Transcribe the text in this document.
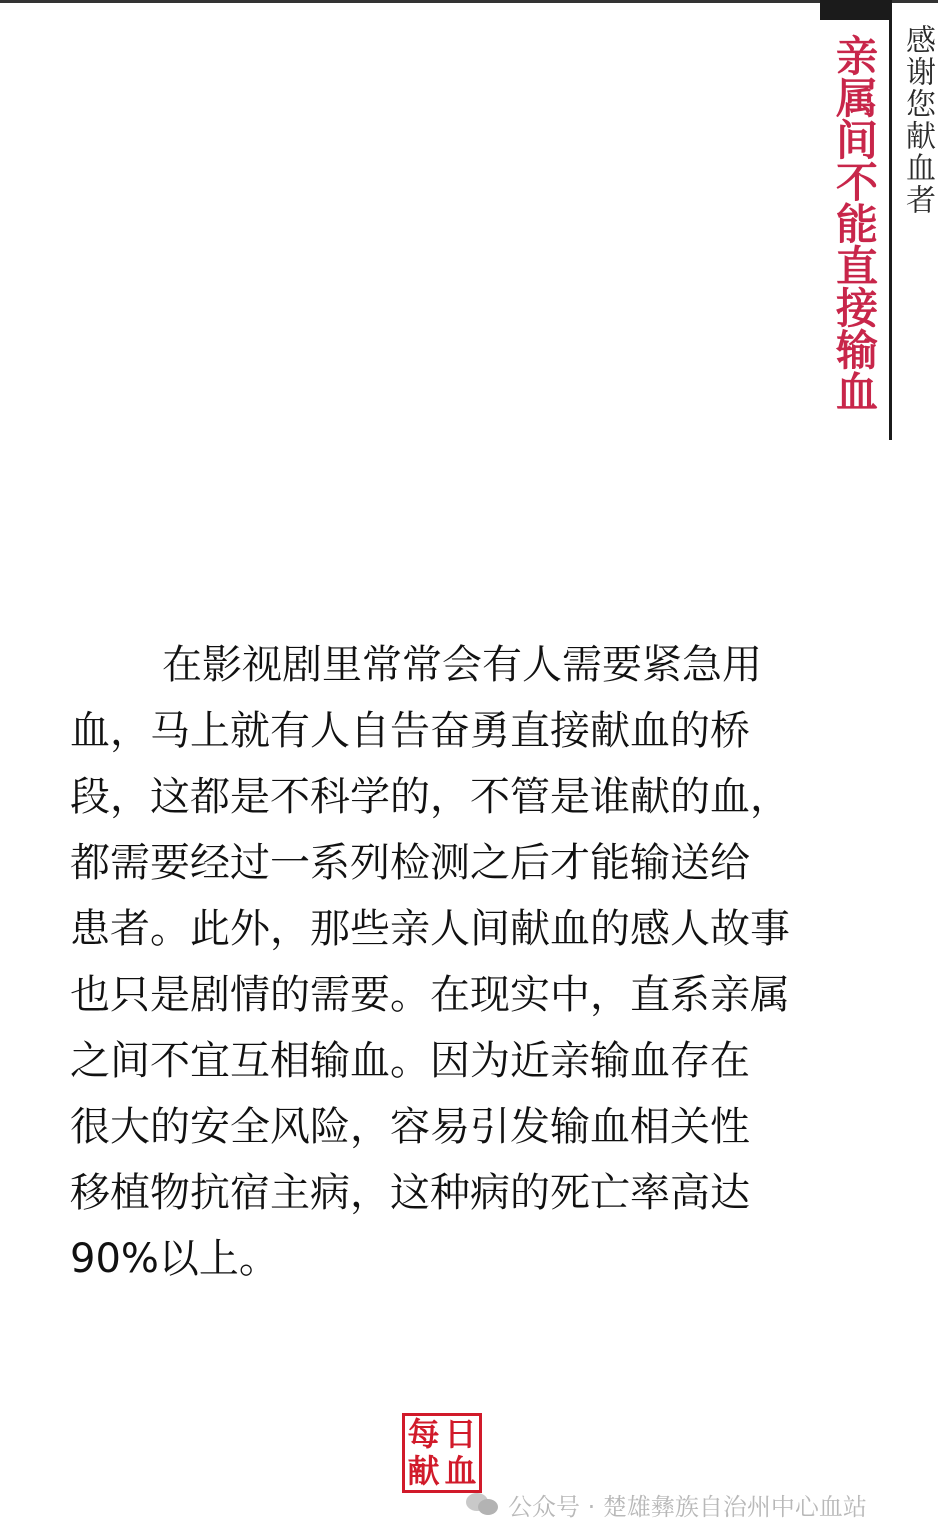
亲属间不能直接输血 感谢您献血者
在影视剧里常常会有人需要紧急用
血，马上就有人自告奋勇直接献血的桥
段，这都是不科学的，不管是谁献的血，
都需要经过一系列检测之后才能输送给
患者。此外，那些亲人间献血的感人故事
也只是剧情的需要。在现实中，直系亲属
之间不宜互相输血。因为近亲输血存在
很大的安全风险，容易引发输血相关性
移植物抗宿主病，这种病的死亡率高达
90%以上。
每 日
献 血
公众号 · 楚雄彝族自治州中心血站
